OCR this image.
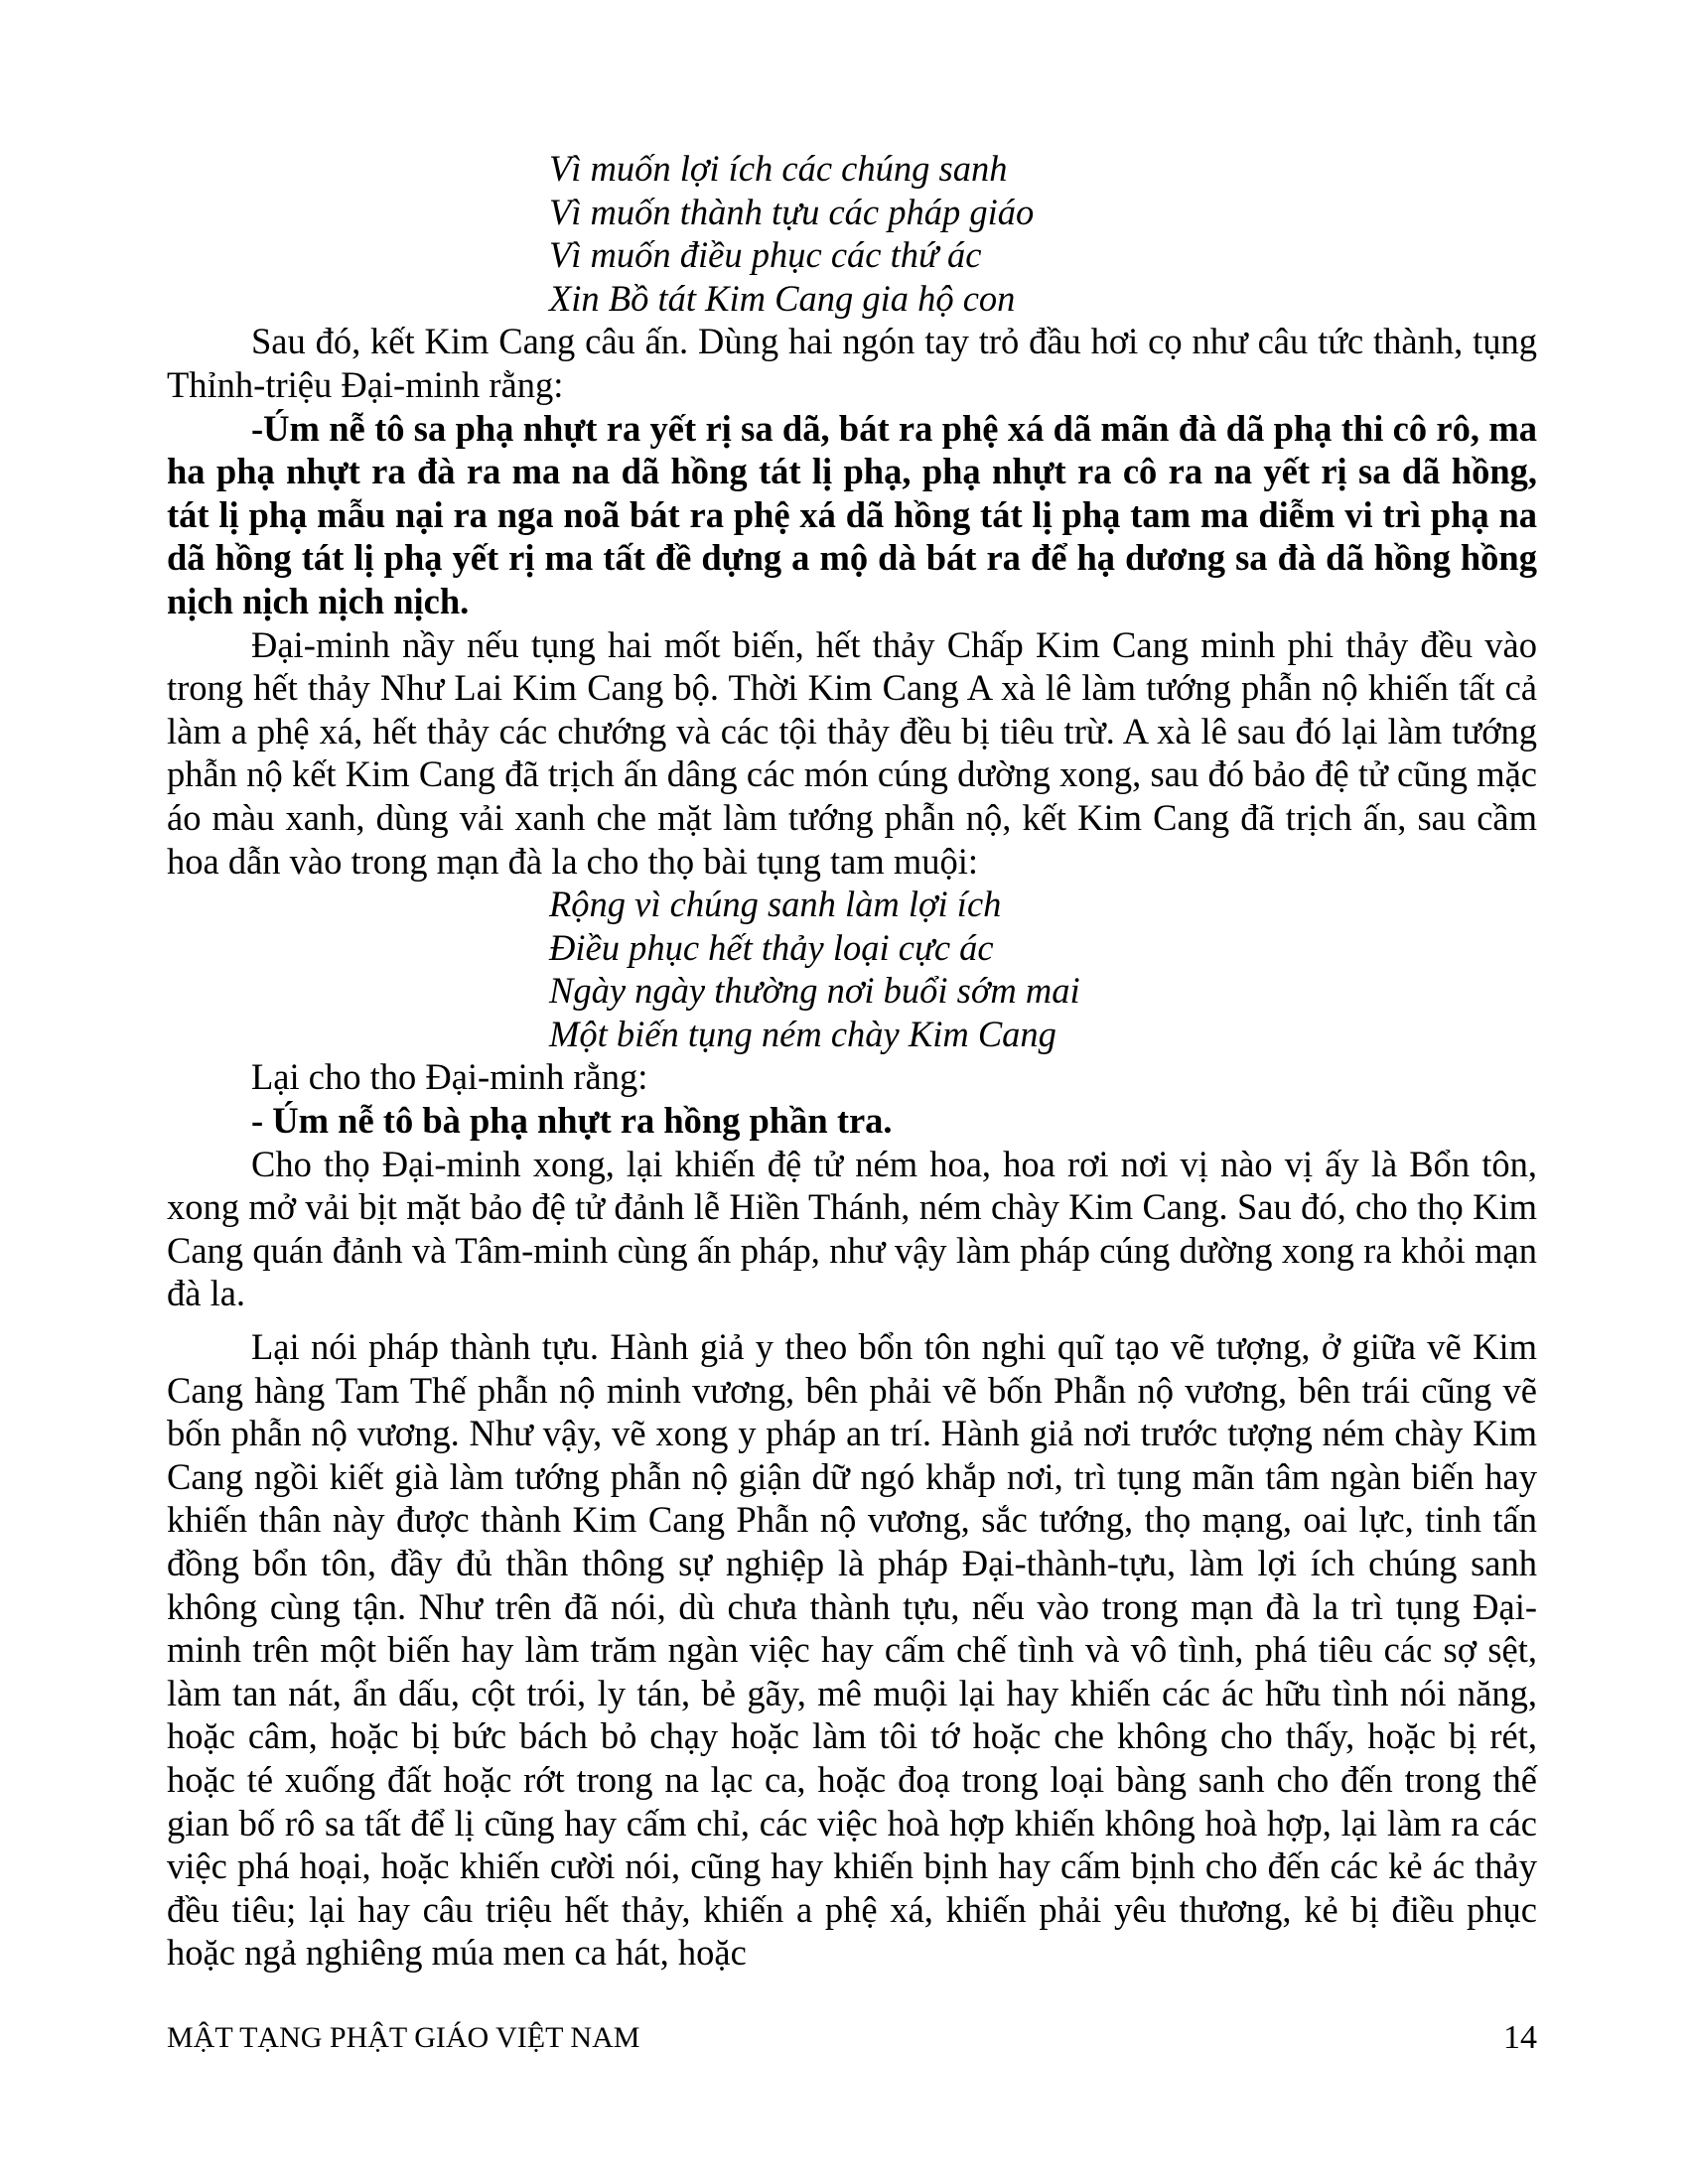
Vì muốn lợi ích các chúng sanh
Vì muốn thành tựu các pháp giáo
Vì muốn điều phục các thứ ác
Xin Bồ tát Kim Cang gia hộ con

Sau đó, kết Kim Cang câu ấn. Dùng hai ngón tay trỏ đầu hơi cọ như câu tức thành, tụng Thỉnh-triệu Đại-minh rằng:

-Úm nễ tô sa phạ nhựt ra yết rị sa dã, bát ra phệ xá dã mãn đà dã phạ thi cô rô, ma ha phạ nhựt ra đà ra ma na dã hồng tát lị phạ, phạ nhựt ra cô ra na yết rị sa dã hồng, tát lị phạ mẫu nại ra nga noã bát ra phệ xá dã hồng tát lị phạ tam ma diễm vi trì phạ na dã hồng tát lị phạ yết rị ma tất đề dựng a mộ dà bát ra để hạ dương sa đà dã hồng hồng nịch nịch nịch nịch.

Đại-minh nầy nếu tụng hai mốt biến, hết thảy Chấp Kim Cang minh phi thảy đều vào trong hết thảy Như Lai Kim Cang bộ. Thời Kim Cang A xà lê làm tướng phẫn nộ khiến tất cả làm a phệ xá, hết thảy các chướng và các tội thảy đều bị tiêu trừ. A xà lê sau đó lại làm tướng phẫn nộ kết Kim Cang đã trịch ấn dâng các món cúng dường xong, sau đó bảo đệ tử cũng mặc áo màu xanh, dùng vải xanh che mặt làm tướng phẫn nộ, kết Kim Cang đã trịch ấn, sau cầm hoa dẫn vào trong mạn đà la cho thọ bài tụng tam muội:

Rộng vì chúng sanh làm lợi ích
Điều phục hết thảy loại cực ác
Ngày ngày thường nơi buổi sớm mai
Một biến tụng ném chày Kim Cang

Lại cho tho Đại-minh rằng:

- Úm nễ tô bà phạ nhựt ra hồng phần tra.

Cho thọ Đại-minh xong, lại khiến đệ tử ném hoa, hoa rơi nơi vị nào vị ấy là Bổn tôn, xong mở vải bịt mặt bảo đệ tử đảnh lễ Hiền Thánh, ném chày Kim Cang. Sau đó, cho thọ Kim Cang quán đảnh và Tâm-minh cùng ấn pháp, như vậy làm pháp cúng dường xong ra khỏi mạn đà la.

Lại nói pháp thành tựu. Hành giả y theo bổn tôn nghi quĩ tạo vẽ tượng, ở giữa vẽ Kim Cang hàng Tam Thế phẫn nộ minh vương, bên phải vẽ bốn Phẫn nộ vương, bên trái cũng vẽ bốn phẫn nộ vương. Như vậy, vẽ xong y pháp an trí. Hành giả nơi trước tượng ném chày Kim Cang ngồi kiết già làm tướng phẫn nộ giận dữ ngó khắp nơi, trì tụng mãn tâm ngàn biến hay khiến thân này được thành Kim Cang Phẫn nộ vương, sắc tướng, thọ mạng, oai lực, tinh tấn đồng bổn tôn, đầy đủ thần thông sự nghiệp là pháp Đại-thành-tựu, làm lợi ích chúng sanh không cùng tận. Như trên đã nói, dù chưa thành tựu, nếu vào trong mạn đà la trì tụng Đại-minh trên một biến hay làm trăm ngàn việc hay cấm chế tình và vô tình, phá tiêu các sợ sệt, làm tan nát, ẩn dấu, cột trói, ly tán, bẻ gãy, mê muội lại hay khiến các ác hữu tình nói năng, hoặc câm, hoặc bị bức bách bỏ chạy hoặc làm tôi tớ hoặc che không cho thấy, hoặc bị rét, hoặc té xuống đất hoặc rớt trong na lạc ca, hoặc đoạ trong loại bàng sanh cho đến trong thế gian bố rô sa tất để lị cũng hay cấm chỉ, các việc hoà hợp khiến không hoà hợp, lại làm ra các việc phá hoại, hoặc khiến cười nói, cũng hay khiến bịnh hay cấm bịnh cho đến các kẻ ác thảy đều tiêu; lại hay câu triệu hết thảy, khiến a phệ xá, khiến phải yêu thương, kẻ bị điều phục hoặc ngả nghiêng múa men ca hát, hoặc

MẬT TẠNG PHẬT GIÁO VIỆT NAM	14
